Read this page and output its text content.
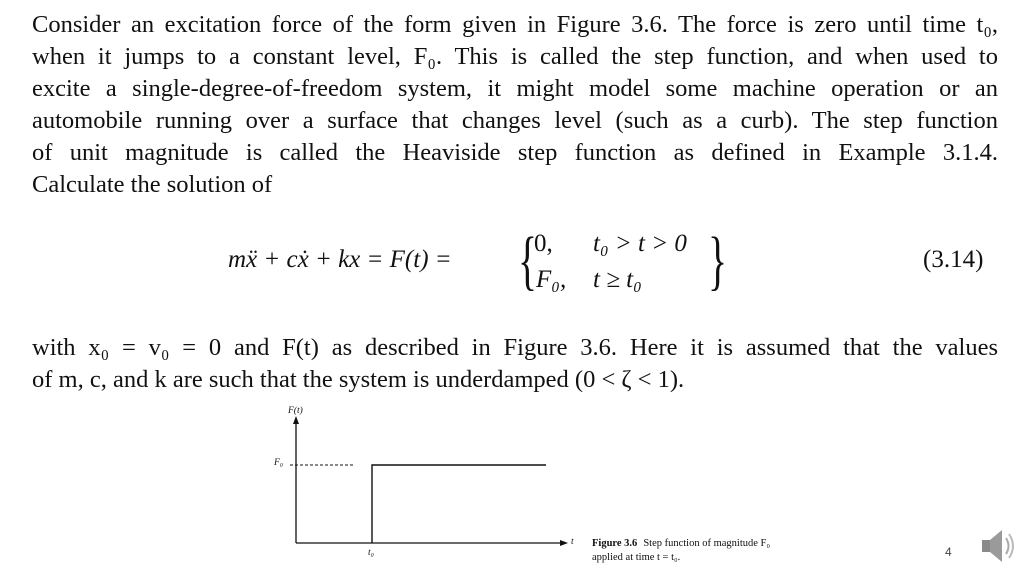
Consider an excitation force of the form given in Figure 3.6. The force is zero until time t₀,
when it jumps to a constant level, F₀. This is called the step function, and when used to
excite a single-degree-of-freedom system, it might model some machine operation or an
automobile running over a surface that changes level (such as a curb). The step function
of unit magnitude is called the Heaviside step function as defined in Example 3.1.4.
Calculate the solution of
mẍ + cẋ + kx = F(t) = {
0, t₀ > t > 0
F₀, t ≥ t₀ }	(3.14)
with x₀ = v₀ = 0 and F(t) as described in Figure 3.6. Here it is assumed that the values
of m, c, and k are such that the system is underdamped (0 < ζ < 1).
F(t)
F₀
t
t₀
Figure 3.6 Step function of magnitude F₀ applied at time t = t₀.	4
